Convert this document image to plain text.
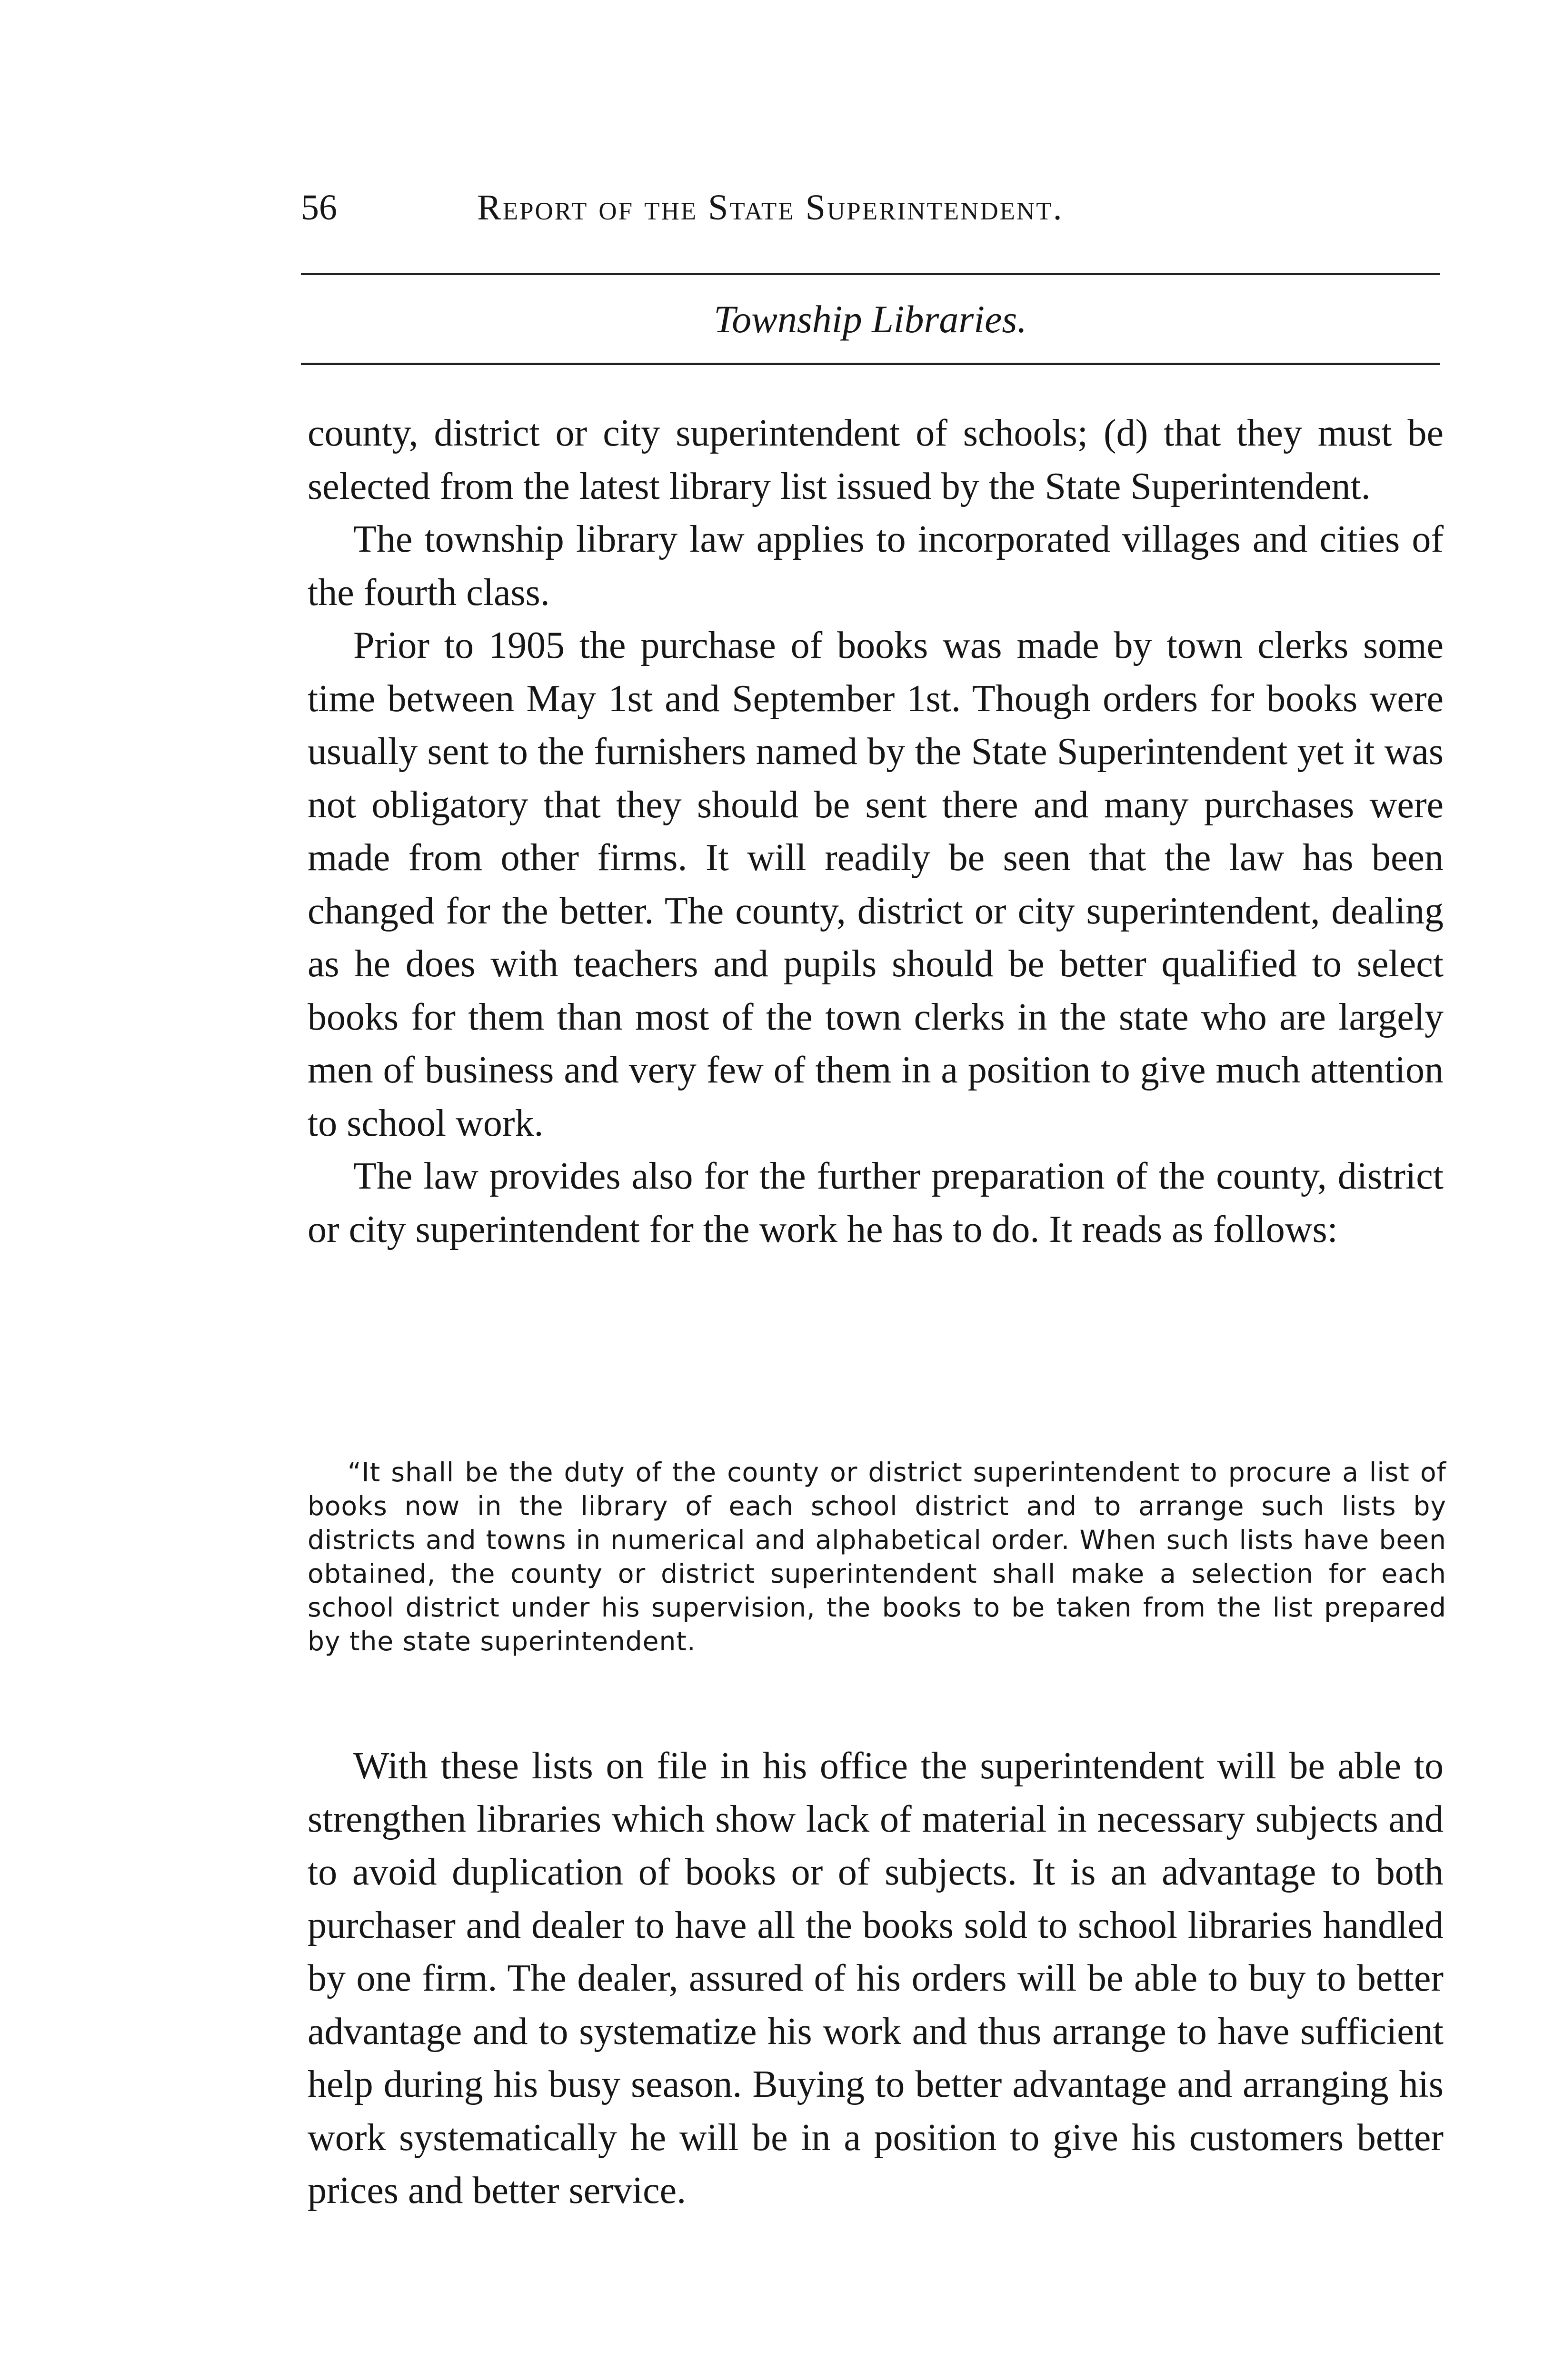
56	Report of the State Superintendent.
Township Libraries.

county, district or city superintendent of schools; (d) that they must be selected from the latest library list issued by the State Superintendent.

The township library law applies to incorporated villages and cities of the fourth class.

Prior to 1905 the purchase of books was made by town clerks some time between May 1st and September 1st. Though orders for books were usually sent to the furnishers named by the State Superintendent yet it was not obligatory that they should be sent there and many purchases were made from other firms. It will readily be seen that the law has been changed for the better. The county, district or city superintendent, dealing as he does with teachers and pupils should be better qualified to select books for them than most of the town clerks in the state who are largely men of business and very few of them in a position to give much attention to school work.

The law provides also for the further preparation of the county, district or city superintendent for the work he has to do. It reads as follows:

“It shall be the duty of the county or district superintendent to procure a list of books now in the library of each school district and to arrange such lists by districts and towns in numerical and alphabetical order. When such lists have been obtained, the county or district superintendent shall make a selection for each school district under his supervision, the books to be taken from the list prepared by the state superintendent.

With these lists on file in his office the superintendent will be able to strengthen libraries which show lack of material in necessary subjects and to avoid duplication of books or of subjects. It is an advantage to both purchaser and dealer to have all the books sold to school libraries handled by one firm. The dealer, assured of his orders will be able to buy to better advantage and to systematize his work and thus arrange to have sufficient help during his busy season. Buying to better advantage and arranging his work systematically he will be in a position to give his customers better prices and better service.
